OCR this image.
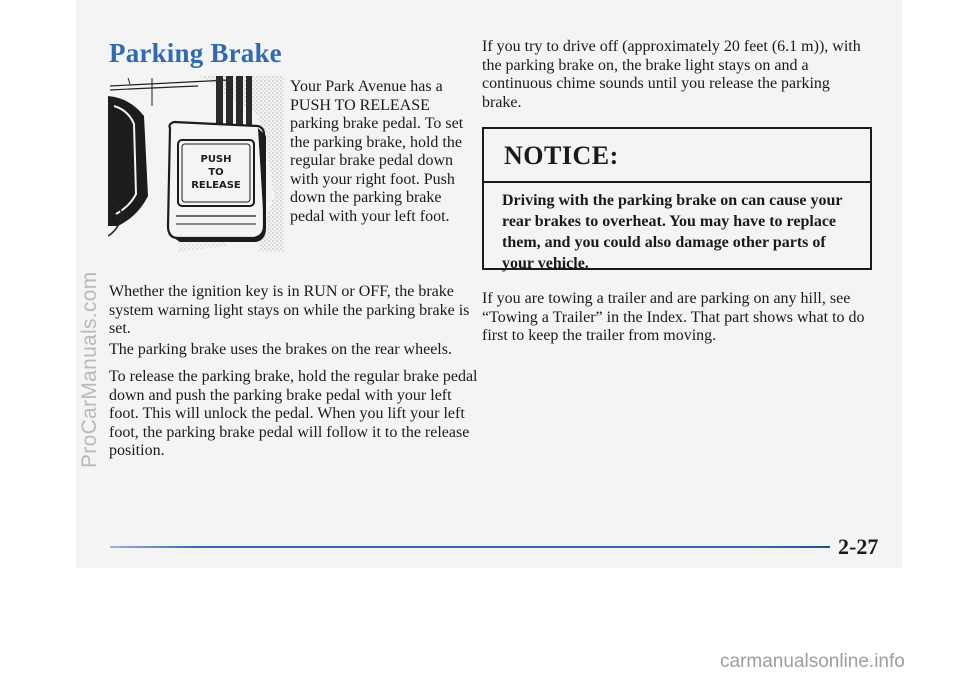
Parking Brake
PUSH
TO
RELEASE

Your Park Avenue has a PUSH TO RELEASE parking brake pedal. To set the parking brake, hold the regular brake pedal down with your right foot. Push down the parking brake pedal with your left foot.

Whether the ignition key is in RUN or OFF, the brake system warning light stays on while the parking brake is set.

The parking brake uses the brakes on the rear wheels.

To release the parking brake, hold the regular brake pedal down and push the parking brake pedal with your left foot. This will unlock the pedal. When you lift your left foot, the parking brake pedal will follow it to the release position.

If you try to drive off (approximately 20 feet (6.1 m)), with the parking brake on, the brake light stays on and a continuous chime sounds until you release the parking brake.

NOTICE:

Driving with the parking brake on can cause your rear brakes to overheat. You may have to replace them, and you could also damage other parts of your vehicle.

If you are towing a trailer and are parking on any hill, see “Towing a Trailer” in the Index. That part shows what to do first to keep the trailer from moving.

2-27
ProCarManuals.com
carmanualsonline.info
